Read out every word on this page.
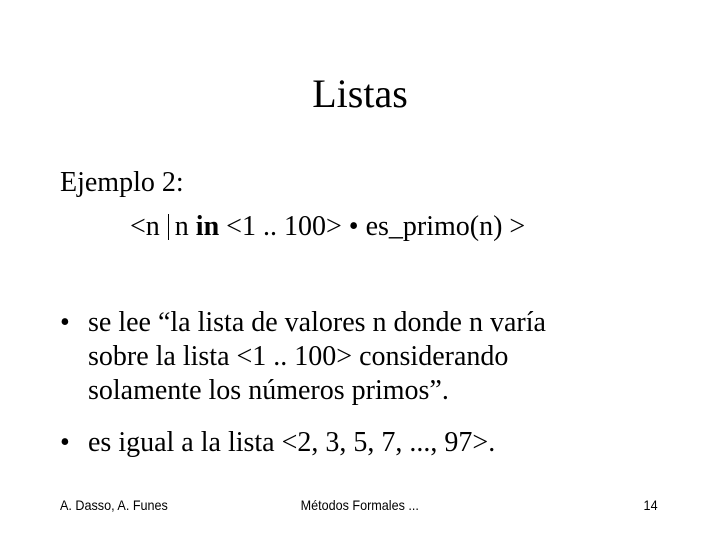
Listas
Ejemplo 2:
<n n in <1 .. 100> • es_primo(n) >
• se lee “la lista de valores n donde n varía
sobre la lista <1 .. 100> considerando
solamente los números primos”.
• es igual a la lista <2, 3, 5, 7, ..., 97>.
A. Dasso, A. Funes	Métodos Formales ...	14
